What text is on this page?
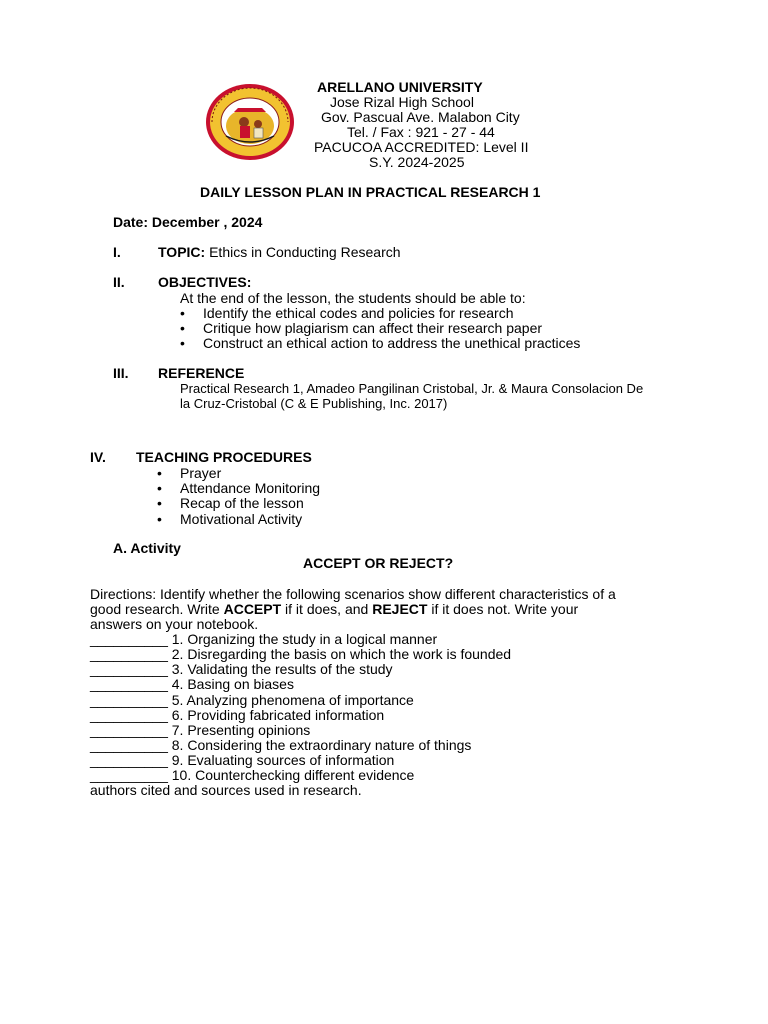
ARELLANO UNIVERSITY
Jose Rizal High School
Gov. Pascual Ave. Malabon City
Tel. / Fax : 921 - 27 - 44
PACUCOA ACCREDITED: Level II
S.Y. 2024-2025
DAILY LESSON PLAN IN PRACTICAL RESEARCH 1
Date: December , 2024
I.	TOPIC: Ethics in Conducting Research
II. OBJECTIVES:
At the end of the lesson, the students should be able to:
• Identify the ethical codes and policies for research
• Critique how plagiarism can affect their research paper
• Construct an ethical action to address the unethical practices
III. REFERENCE
Practical Research 1, Amadeo Pangilinan Cristobal, Jr. & Maura Consolacion De
la Cruz-Cristobal (C & E Publishing, Inc. 2017)
IV. TEACHING PROCEDURES
• Prayer
• Attendance Monitoring
• Recap of the lesson
• Motivational Activity
A. Activity
ACCEPT OR REJECT?
Directions: Identify whether the following scenarios show different characteristics of a
good research. Write ACCEPT if it does, and REJECT if it does not. Write your
answers on your notebook.
__________ 1. Organizing the study in a logical manner
__________ 2. Disregarding the basis on which the work is founded
__________ 3. Validating the results of the study
__________ 4. Basing on biases
__________ 5. Analyzing phenomena of importance
__________ 6. Providing fabricated information
__________ 7. Presenting opinions
__________ 8. Considering the extraordinary nature of things
__________ 9. Evaluating sources of information
__________ 10. Counterchecking different evidence
authors cited and sources used in research.
